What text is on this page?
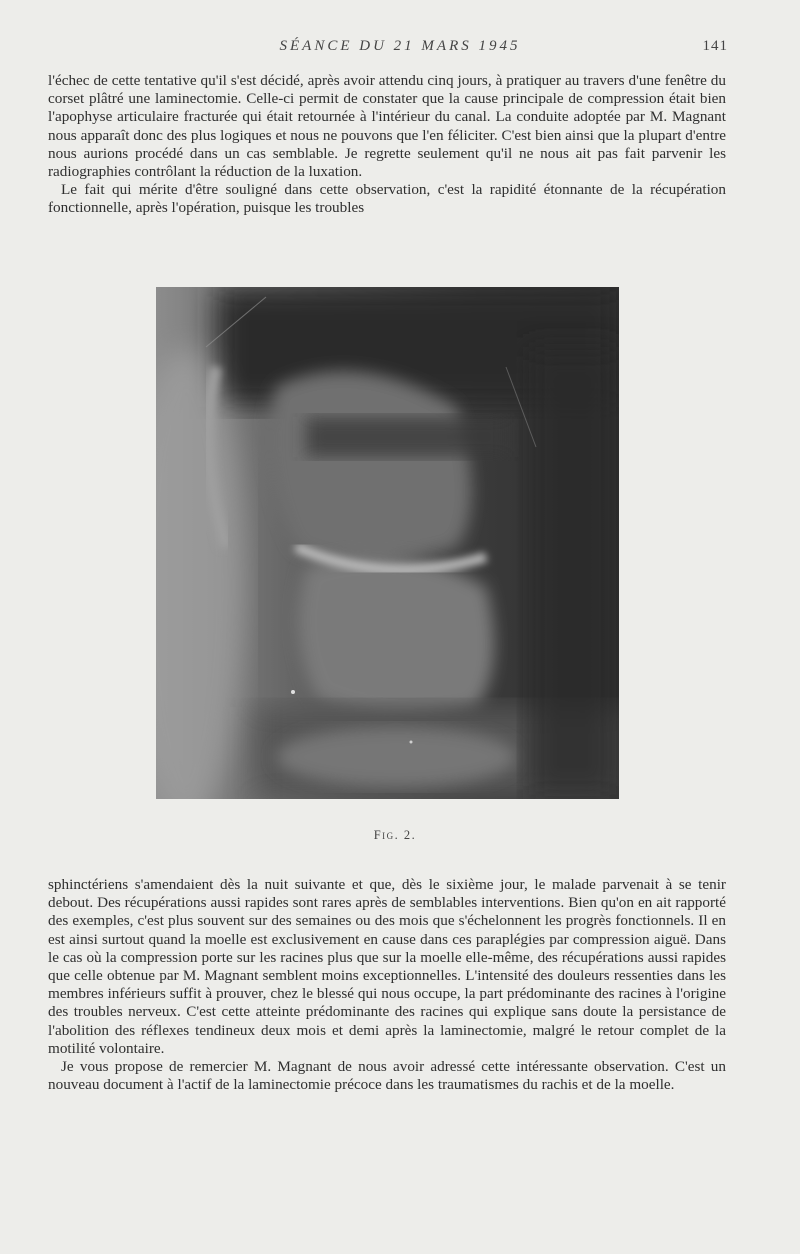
SÉANCE DU 21 MARS 1945	141

l'échec de cette tentative qu'il s'est décidé, après avoir attendu cinq jours, à pratiquer au travers d'une fenêtre du corset plâtré une laminectomie. Celle-ci permit de constater que la cause principale de compression était bien l'apophyse articulaire fracturée qui était retournée à l'intérieur du canal. La conduite adoptée par M. Magnant nous apparaît donc des plus logiques et nous ne pouvons que l'en féliciter. C'est bien ainsi que la plupart d'entre nous aurions procédé dans un cas semblable. Je regrette seulement qu'il ne nous ait pas fait parvenir les radiographies contrôlant la réduction de la luxation.

Le fait qui mérite d'être souligné dans cette observation, c'est la rapidité étonnante de la récupération fonctionnelle, après l'opération, puisque les troubles

Fig. 2.

sphinctériens s'amendaient dès la nuit suivante et que, dès le sixième jour, le malade parvenait à se tenir debout. Des récupérations aussi rapides sont rares après de semblables interventions. Bien qu'on en ait rapporté des exemples, c'est plus souvent sur des semaines ou des mois que s'échelonnent les progrès fonctionnels. Il en est ainsi surtout quand la moelle est exclusivement en cause dans ces paraplégies par compression aiguë. Dans le cas où la compression porte sur les racines plus que sur la moelle elle-même, des récupérations aussi rapides que celle obtenue par M. Magnant semblent moins exceptionnelles. L'intensité des douleurs ressenties dans les membres inférieurs suffit à prouver, chez le blessé qui nous occupe, la part prédominante des racines à l'origine des troubles nerveux. C'est cette atteinte prédominante des racines qui explique sans doute la persistance de l'abolition des réflexes tendineux deux mois et demi après la laminectomie, malgré le retour complet de la motilité volontaire.

Je vous propose de remercier M. Magnant de nous avoir adressé cette intéressante observation. C'est un nouveau document à l'actif de la laminectomie précoce dans les traumatismes du rachis et de la moelle.
